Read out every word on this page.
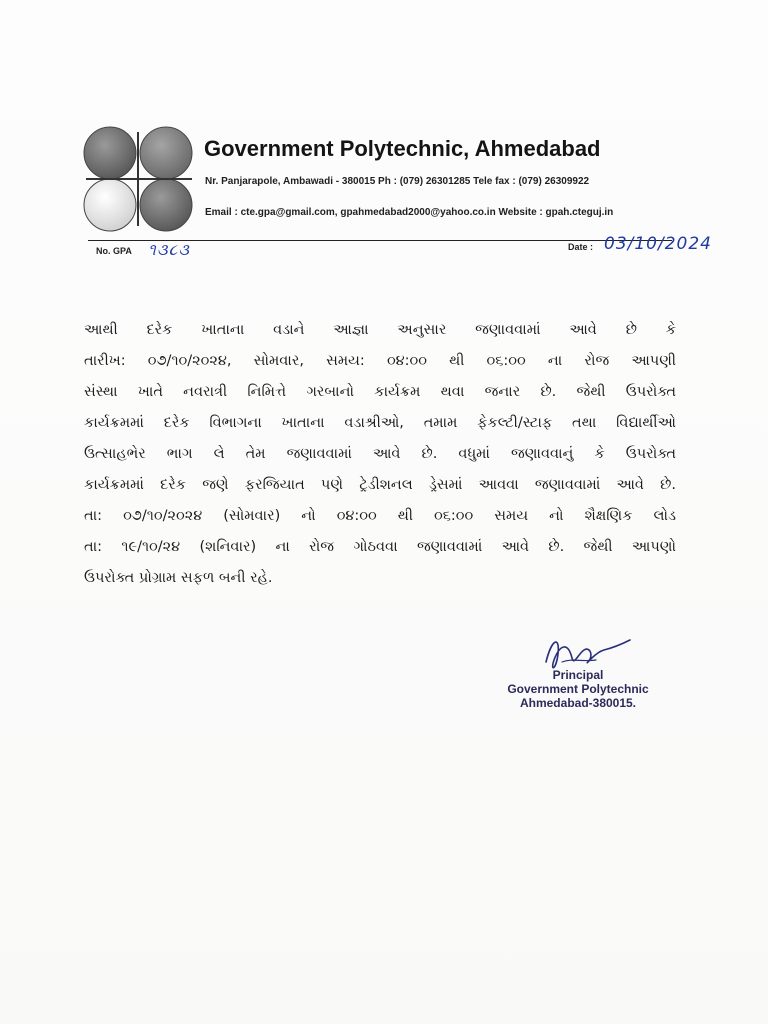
Government Polytechnic, Ahmedabad
Nr. Panjarapole, Ambawadi - 380015 Ph : (079) 26301285 Tele fax : (079) 26309922
Email : cte.gpa@gmail.com, gpahmedabad2000@yahoo.co.in Website : gpah.cteguj.in
No. GPA ૧૩૮૩	Date : 03/10/2024
આથી દરેક ખાતાના વડાને આજ્ઞા અનુસાર જણાવવામાં આવે છે કે
તારીખ: ૦૭/૧૦/૨૦૨૪, સોમવાર, સમય: ૦૪:૦૦ થી ૦૬:૦૦ ના રોજ આપણી
સંસ્થા ખાતે નવરાત્રી નિમિત્તે ગરબાનો કાર્યક્રમ થવા જનાર છે. જેથી ઉપરોક્ત
કાર્યક્રમમાં દરેક વિભાગના ખાતાના વડાશ્રીઓ, તમામ ફેકલ્ટી/સ્ટાફ તથા વિદ્યાર્થીઓ
ઉત્સાહભેર ભાગ લે તેમ જણાવવામાં આવે છે. વધુમાં જણાવવાનું કે ઉપરોક્ત
કાર્યક્રમમાં દરેક જણે ફરજિયાત પણે ટ્રેડીશનલ ડ્રેસમાં આવવા જણાવવામાં આવે છે.
તા: ૦૭/૧૦/૨૦૨૪ (સોમવાર) નો ૦૪:૦૦ થી ૦૬:૦૦ સમય નો શૈક્ષણિક લોડ
તા: ૧૯/૧૦/૨૪ (શનિવાર) ના રોજ ગોઠવવા જણાવવામાં આવે છે. જેથી આપણો
ઉપરોક્ત પ્રોગ્રામ સફળ બની રહે.
Principal
Government Polytechnic
Ahmedabad-380015.
